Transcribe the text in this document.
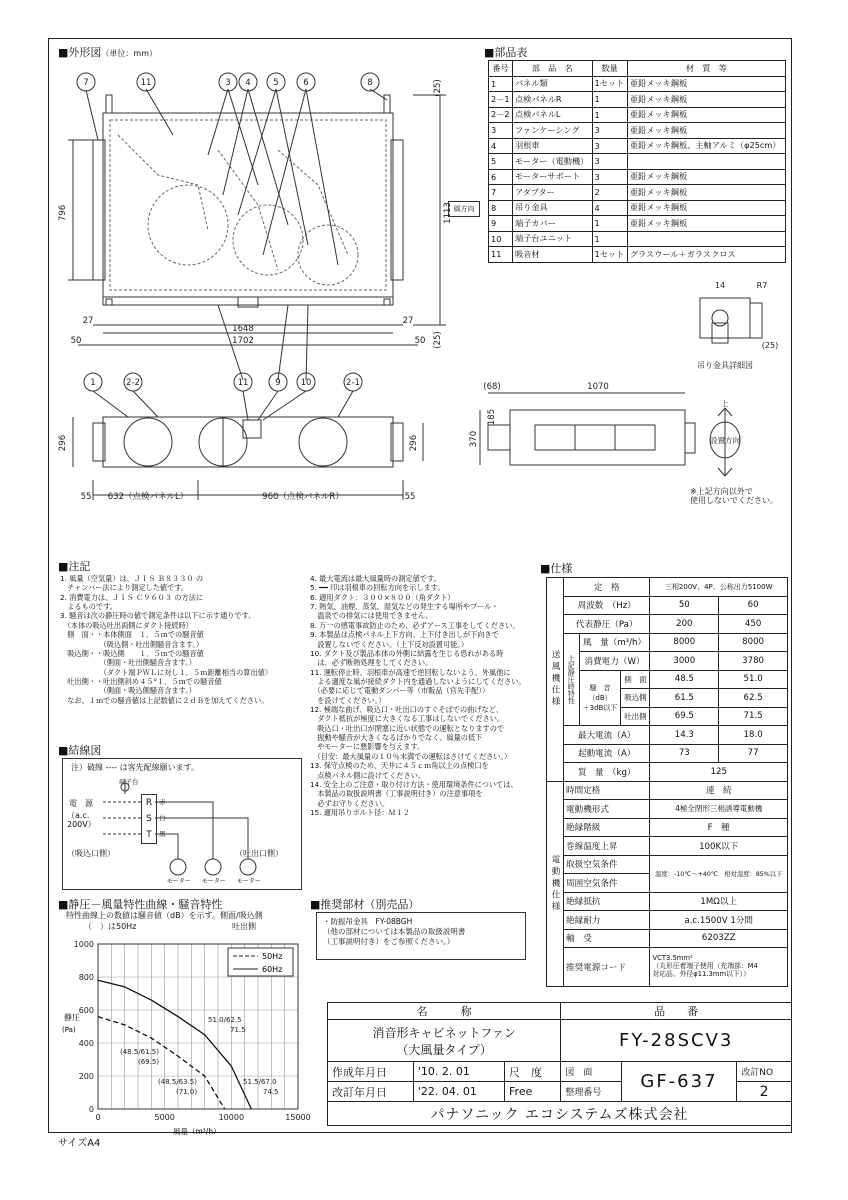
■外形図（単位：mm）
7	11	3 4	5	6	8
11	9 10
1	2-2	2-1
796	1113
(25)
(25)
27	27
1648
50	50
1702
296	296
55	55
632（点検パネルL）	960（点検パネルR）
風方向
(68)	1070
370
185
14	R7
(25)
吊り金具詳細図
上
設置方向
※上記方向以外で
使用しないでください。
■部品表
番号	部　品　名	数量	材　質　等
1	パネル類	1セット	亜鉛メッキ鋼板
2－1	点検パネルR	1	亜鉛メッキ鋼板
2－2	点検パネルL	1	亜鉛メッキ鋼板
3	ファンケーシング	3	亜鉛メッキ鋼板
4	羽根車	3	亜鉛メッキ鋼板、主軸アルミ（φ25cm）
5	モーター（電動機）	3	
6	モーターサポート	3	亜鉛メッキ鋼板
7	アダプター	2	亜鉛メッキ鋼板
8	吊り金具	4	亜鉛メッキ鋼板
9	端子カバー	1	亜鉛メッキ鋼板
10	端子台ユニット	1	
11	吸音材	1セット	グラスウール＋ガラスクロス
■注記
1. 風量（空気量）は、ＪＩＳ Ｂ８３３０ の
　チャンバー法により測定した値です。
2. 消費電力は、ＪＩＳ Ｃ９６０３ の方法に
　よるものです。
3. 騒音は次の静圧時の値で測定条件は以下に示す通りです。
　（本体の吸込吐出両側にダクト接続時）
　側　面・・本体側面　１．５ｍでの騒音値
　　　　　　（吸込側・吐出側騒音含ます。）
　吸込側・・吸込側　　１．５ｍでの騒音値
　　　　　　（側面・吐出側騒音含ます。）
　　　　　　（ダクト端ＰＷＬに対し１．５ｍ距離相当の算出値）
　吐出側・・吐出側斜め４５°１．５ｍでの騒音値
　　　　　　（側面・吸込側騒音含ます。）
　なお、１ｍでの騒音値は上記数値に２ｄＢを加えてください。
4. 最大電流は最大風量時の測定値です。
5. ━━ 印は羽根車の回転方向を示します。
6. 適用ダクト：３００×８００（角ダクト）
7. 熱気、油煙、蒸気、湿気などの発生する場所やプール・
　温泉での排気には使用できません。
8. 万一の感電事故防止のため、必ずアース工事をしてください。
9. 本製品は点検パネル上下方向、上下付き出しが下向きで
　設置しないでください。（上下反対設置可能。）
10. ダクト及び製品本体の外側に結露を生じる恐れがある時
　は、必ず断熱処理をしてください。
11. 運転停止時、羽根車が高速で逆回転しないよう、外風他に
　よる適度な風が接続ダクト内を通過しないようにしてください。
　（必要に応じて電動ダンパー等（市販品（官先手配））
　を設けてください。）
12. 極端な曲げ、吸込口・吐出口のすぐそばでの曲げなど、
　ダクト抵抗が極度に大きくなる工事はしないでください。
　吸込口・吐出口が閉塞に近い状態での運転となりますので
　振動や騒音が大きくなるばかりでなく、風量の低下
　やモーターに悪影響を与えます。
　（目安：最大風量の１０％未満での運転はさけてください。）
13. 保守点検のため、天井に４５ｃｍ角以上の点検口を
　点検パネル側に設けてください。
14. 安全上のご注意・取り付け方法・使用環境条件については、
　本製品の取扱説明書（工事説明付き）の注意事項を
　必ずお守りください。
15. 適用吊りボルト径：Ｍ１２
■仕様
送風機仕様	定　格			三相200V、4P、公称出力5100W	
	周波数　（Hz）			50	60
	代表静圧（Pa）			200	450
	上記静圧時特性	風　量（m³/h）		8000	8000
		消費電力（W）		3000	3780

		騒　音
（dB）
＋3dB以下	側　面	48.5	51.0
			吸込側	61.5	62.5
			吐出側	69.5	71.5
	最大電流（A）			14.3	18.0
	起動電流（A）			73	77
	質　量　（kg）			125	
電動機仕様	時間定格			連　続	
	電動機形式			4極全閉形三相誘導電動機	
	絶縁階級			F　種	
	巻線温度上昇			100K以下	
	取扱空気条件			温度：-10℃～+40℃　相対湿度：85%以下	
	周囲空気条件				
	絶縁抵抗			1MΩ以上	
	絶縁耐力			a.c.1500V 1分間	
	軸　受			6203ZZ	
	推奨電源コード			VCT3.5mm²
（丸形圧着端子使用（充端部：M4
対応品、外径φ11.3mm以下））	
■結線図
注）破線 ---- は客先配線願います。
電　源
（a.c. 200V）
（吸込口側）	（吐出口側）
R
S
T
赤
白
黒
端子台
モーター モーター モーター
■静圧－風量特性曲線・騒音特性
特性曲線上の数値は騒音値（dB）を示す。
（　）は50Hz
側面/吸込側
吐出側
1000
800
600
400
200
0
0	5000	10000	15000
50Hz
60Hz
静圧
(Pa)
風量（m³/h）
51.0/62.5
71.5
(48.5/61.5)
(69.5)
(48.5/63.5)
(71.0)
51.5/67.0
74.5
■推奨部材（別売品）
・防振吊金具　FY-08BGH
（他の部材については本製品の取扱説明書
（工事説明付き）をご参照ください。）
名　　　称			品　　番		
消音形キャビネットファン
（大風量タイプ）			FY-28SCV3		
作成年月日	'10. 2. 01	尺　度	図　面	GF-637	改訂NO
改訂年月日	'22. 04. 01	Free	整理番号		2
パナソニック エコシステムズ株式会社					
サイズA4
